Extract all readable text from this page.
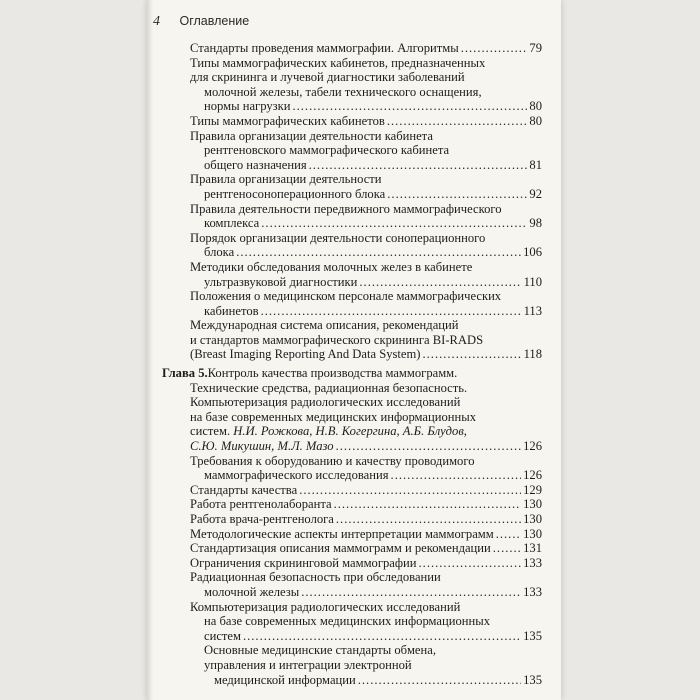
4 Оглавление
Стандарты проведения маммографии. Алгоритмы .....	79
Типы маммографических кабинетов, предназначенных
для скрининга и лучевой диагностики заболеваний
молочной железы, табели технического оснащения,
нормы нагрузки .....	80
Типы маммографических кабинетов .....	80
Правила организации деятельности кабинета
рентгеновского маммографического кабинета
общего назначения .....	81
Правила организации деятельности
рентгеносоноперационного блока .....	92
Правила деятельности передвижного маммографического
комплекса .....	98
Порядок организации деятельности соноперационного
блока .....	106
Методики обследования молочных желез в кабинете
ультразвуковой диагностики .....	110
Положения о медицинском персонале маммографических
кабинетов .....	113
Международная система описания, рекомендаций
и стандартов маммографического скрининга BI-RADS
(Breast Imaging Reporting And Data System) .....	118
Глава 5. Контроль качества производства маммограмм.
Технические средства, радиационная безопасность.
Компьютеризация радиологических исследований
на базе современных медицинских информационных
систем. Н.И. Рожкова, Н.В. Когергина, А.Б. Блудов,
С.Ю. Микушин, М.Л. Мазо .....	126
Требования к оборудованию и качеству проводимого
маммографического исследования .....	126
Стандарты качества .....	129
Работа рентгенолаборанта .....	130
Работа врача-рентгенолога .....	130
Методологические аспекты интерпретации маммограмм ..... 130
Стандартизация описания маммограмм и рекомендации .....	131
Ограничения скрининговой маммографии .....	133
Радиационная безопасность при обследовании
молочной железы .....	133
Компьютеризация радиологических исследований
на базе современных медицинских информационных
систем .....	135
Основные медицинские стандарты обмена,
управления и интеграции электронной
медицинской информации .....	135
